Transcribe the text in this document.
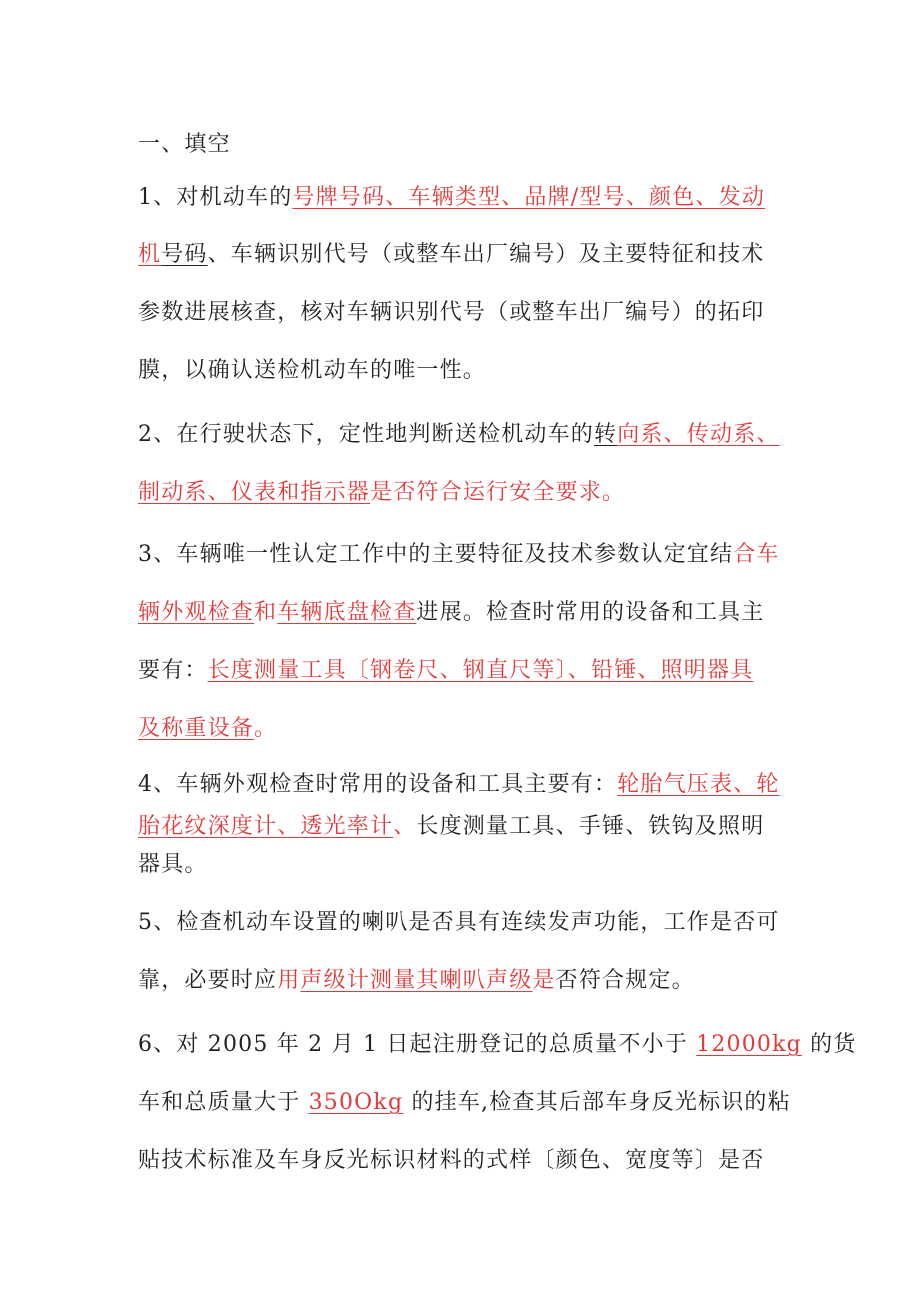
一、填空
1、对机动车的号牌号码、车辆类型、品牌/型号、颜色、发动
机号码、车辆识别代号（或整车出厂编号）及主要特征和技术
参数进展核查，核对车辆识别代号（或整车出厂编号）的拓印
膜，以确认送检机动车的唯一性。
2、在行驶状态下，定性地判断送检机动车的转向系、传动系、
制动系、仪表和指示器是否符合运行安全要求。
3、车辆唯一性认定工作中的主要特征及技术参数认定宜结合车
辆外观检查和车辆底盘检查进展。检查时常用的设备和工具主
要有：长度测量工具〔钢卷尺、钢直尺等〕、铅锤、照明器具
及称重设备。
4、车辆外观检查时常用的设备和工具主要有：轮胎气压表、轮
胎花纹深度计、透光率计、长度测量工具、手锤、铁钩及照明
器具。
5、检查机动车设置的喇叭是否具有连续发声功能，工作是否可
靠，必要时应用声级计测量其喇叭声级是否符合规定。
6、对 2005 年 2 月 1 日起注册登记的总质量不小于 12000kg 的货
车和总质量大于 350Okg 的挂车,检查其后部车身反光标识的粘
贴技术标准及车身反光标识材料的式样〔颜色、宽度等〕是否
